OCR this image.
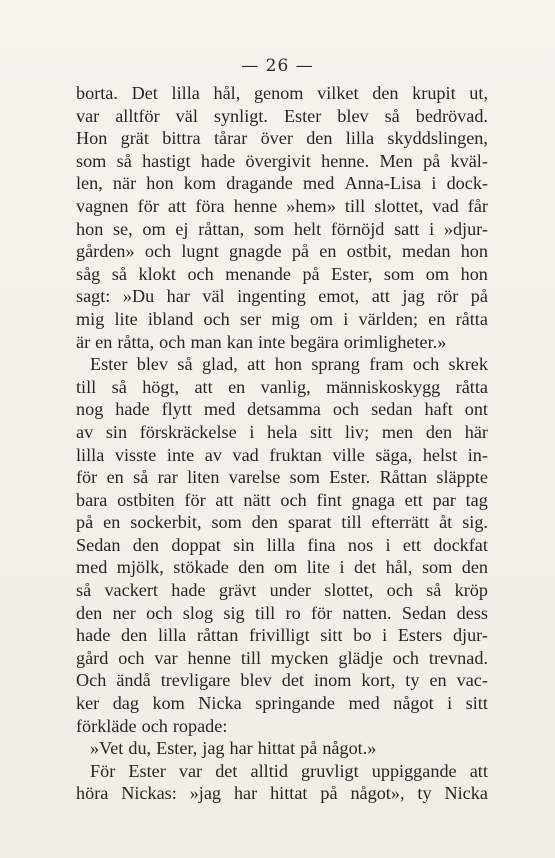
— 26 —
borta. Det lilla hål, genom vilket den krupit ut,
var alltför väl synligt. Ester blev så bedrövad.
Hon grät bittra tårar över den lilla skyddslingen,
som så hastigt hade övergivit henne. Men på kväl-
len, när hon kom dragande med Anna-Lisa i dock-
vagnen för att föra henne »hem» till slottet, vad får
hon se, om ej råttan, som helt förnöjd satt i »djur-
gården» och lugnt gnagde på en ostbit, medan hon
såg så klokt och menande på Ester, som om hon
sagt: »Du har väl ingenting emot, att jag rör på
mig lite ibland och ser mig om i världen; en råtta
är en råtta, och man kan inte begära orimligheter.»
Ester blev så glad, att hon sprang fram och skrek
till så högt, att en vanlig, människoskygg råtta
nog hade flytt med detsamma och sedan haft ont
av sin förskräckelse i hela sitt liv; men den här
lilla visste inte av vad fruktan ville säga, helst in-
för en så rar liten varelse som Ester. Råttan släppte
bara ostbiten för att nätt och fint gnaga ett par tag
på en sockerbit, som den sparat till efterrätt åt sig.
Sedan den doppat sin lilla fina nos i ett dockfat
med mjölk, stökade den om lite i det hål, som den
så vackert hade grävt under slottet, och så kröp
den ner och slog sig till ro för natten. Sedan dess
hade den lilla råttan frivilligt sitt bo i Esters djur-
gård och var henne till mycken glädje och trevnad.
Och ändå trevligare blev det inom kort, ty en vac-
ker dag kom Nicka springande med något i sitt
förkläde och ropade:
»Vet du, Ester, jag har hittat på något.»
För Ester var det alltid gruvligt uppiggande att
höra Nickas: »jag har hittat på något», ty Nicka
